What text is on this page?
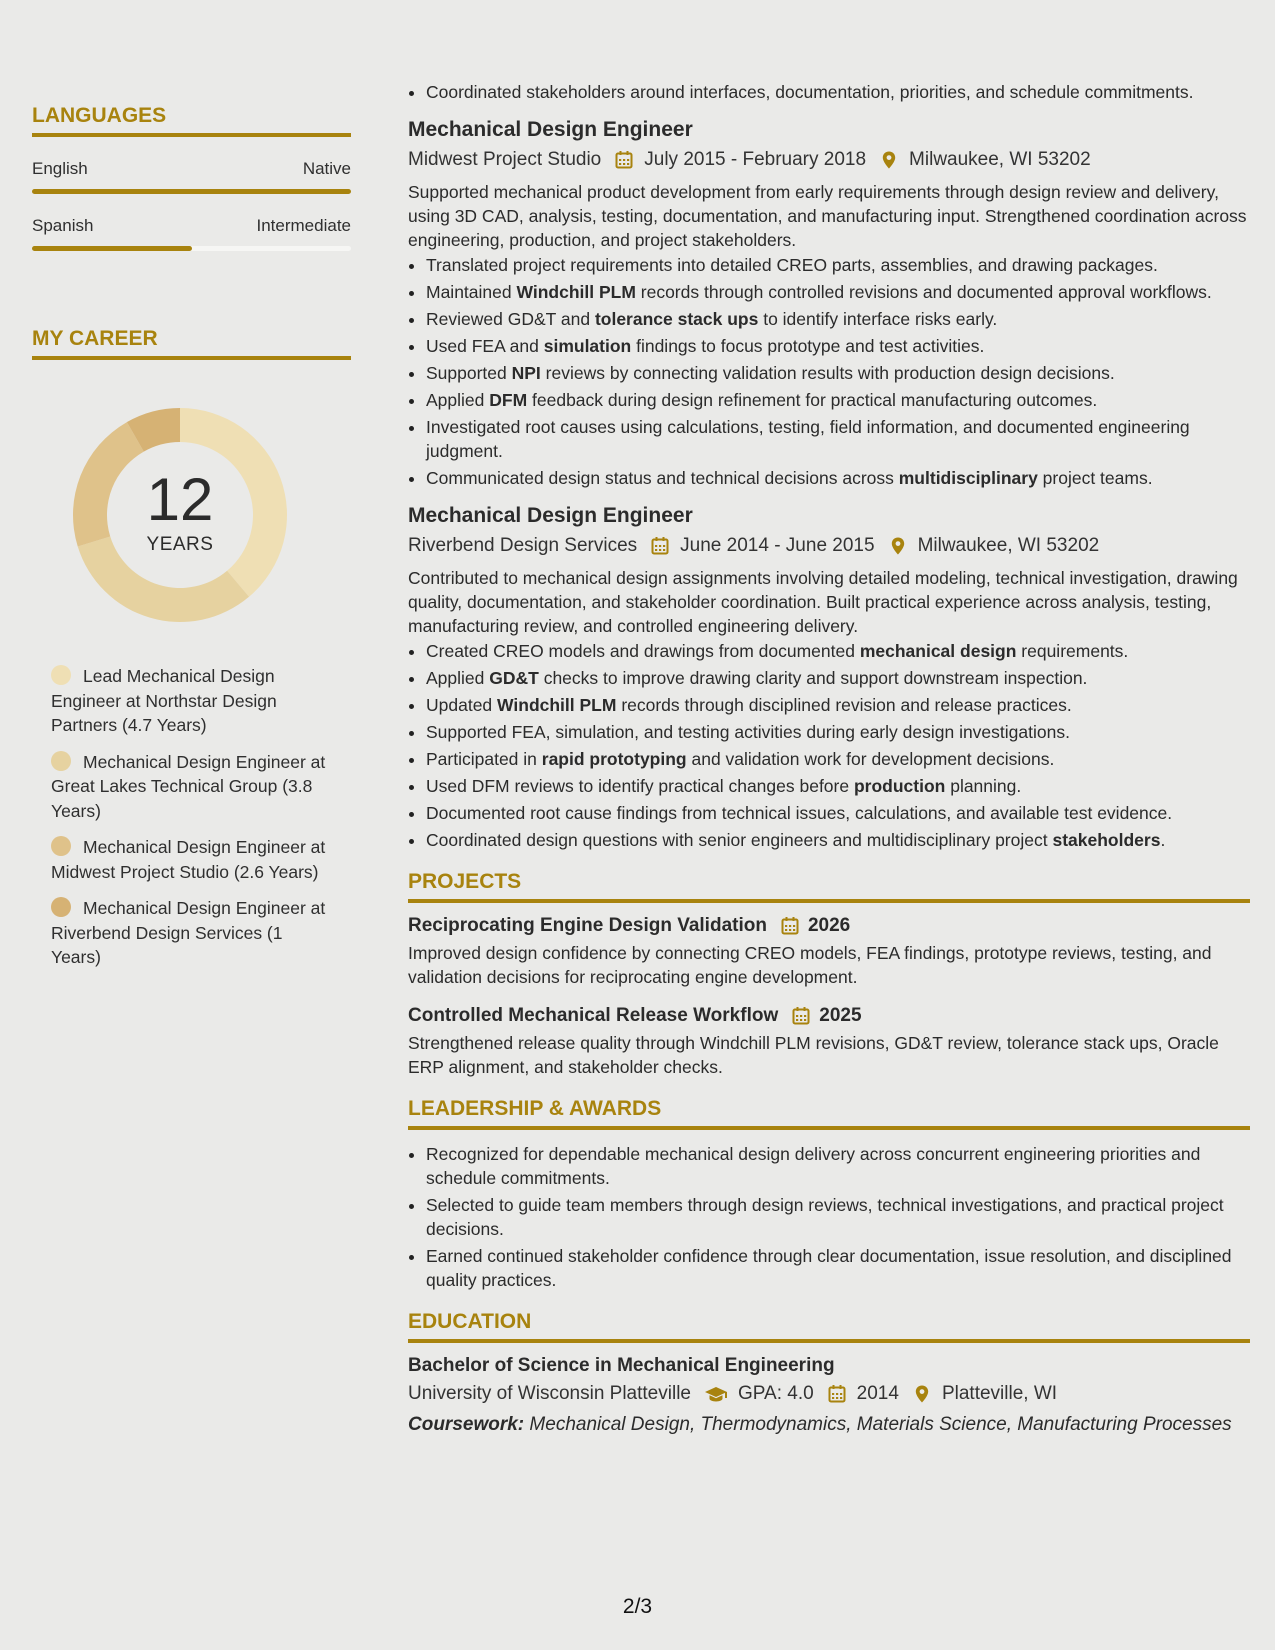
LANGUAGES
English	Native
Spanish	Intermediate
MY CAREER
12
YEARS
Lead Mechanical Design Engineer at Northstar Design Partners (4.7 Years)
Mechanical Design Engineer at Great Lakes Technical Group (3.8 Years)
Mechanical Design Engineer at Midwest Project Studio (2.6 Years)
Mechanical Design Engineer at Riverbend Design Services (1 Years)
• Coordinated stakeholders around interfaces, documentation, priorities, and schedule commitments.
Mechanical Design Engineer
Midwest Project Studio July 2015 - February 2018 Milwaukee, WI 53202

Supported mechanical product development from early requirements through design review and delivery, using 3D CAD, analysis, testing, documentation, and manufacturing input. Strengthened coordination across engineering, production, and project stakeholders.

• Translated project requirements into detailed CREO parts, assemblies, and drawing packages.
• Maintained Windchill PLM records through controlled revisions and documented approval workflows.
• Reviewed GD&T and tolerance stack ups to identify interface risks early.
• Used FEA and simulation findings to focus prototype and test activities.
• Supported NPI reviews by connecting validation results with production design decisions.
• Applied DFM feedback during design refinement for practical manufacturing outcomes.
• Investigated root causes using calculations, testing, field information, and documented engineering judgment.
• Communicated design status and technical decisions across multidisciplinary project teams.
Mechanical Design Engineer
Riverbend Design Services June 2014 - June 2015 Milwaukee, WI 53202

Contributed to mechanical design assignments involving detailed modeling, technical investigation, drawing quality, documentation, and stakeholder coordination. Built practical experience across analysis, testing, manufacturing review, and controlled engineering delivery.

• Created CREO models and drawings from documented mechanical design requirements.
• Applied GD&T checks to improve drawing clarity and support downstream inspection.
• Updated Windchill PLM records through disciplined revision and release practices.
• Supported FEA, simulation, and testing activities during early design investigations.
• Participated in rapid prototyping and validation work for development decisions.
• Used DFM reviews to identify practical changes before production planning.
• Documented root cause findings from technical issues, calculations, and available test evidence.
• Coordinated design questions with senior engineers and multidisciplinary project stakeholders.
PROJECTS
Reciprocating Engine Design Validation 2026
Improved design confidence by connecting CREO models, FEA findings, prototype reviews, testing, and validation decisions for reciprocating engine development.
Controlled Mechanical Release Workflow 2025
Strengthened release quality through Windchill PLM revisions, GD&T review, tolerance stack ups, Oracle ERP alignment, and stakeholder checks.
LEADERSHIP & AWARDS
• Recognized for dependable mechanical design delivery across concurrent engineering priorities and schedule commitments.
• Selected to guide team members through design reviews, technical investigations, and practical project decisions.
• Earned continued stakeholder confidence through clear documentation, issue resolution, and disciplined quality practices.
EDUCATION
Bachelor of Science in Mechanical Engineering
University of Wisconsin Platteville GPA: 4.0 2014 Platteville, WI
Coursework: Mechanical Design, Thermodynamics, Materials Science, Manufacturing Processes
2/3
